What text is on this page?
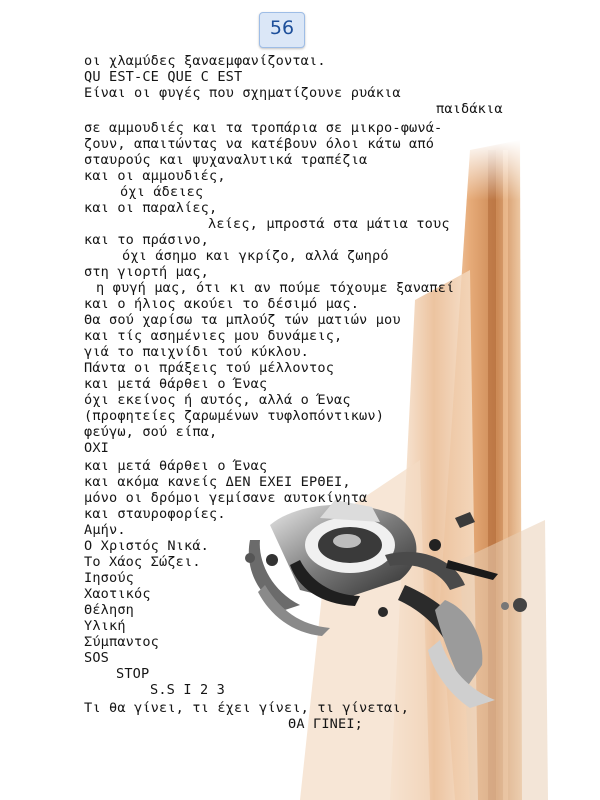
56

οι χλαμύδες ξαναεμφανίζονται.

QU EST-CE QUE C EST

Είναι οι φυγές που σχηματίζουνε ρυάκια

παιδάκια

σε αμμουδιές και τα τροπάρια σε μικρο-φωνά-

ζουν, απαιτώντας να κατέβουν όλοι κάτω από

σταυρούς και ψυχαναλυτικά τραπέζια

και οι αμμουδιές,

όχι άδειες

και οι παραλίες,

λείες, μπροστά στα μάτια τους

και το πράσινο,

όχι άσημο και γκρίζο, αλλά ζωηρό

στη γιορτή μας,

η φυγή μας, ότι κι αν πούμε τόχουμε ξαναπεί

και ο ήλιος ακούει το δέσιμό μας.

Θα σού χαρίσω τα μπλούζ τών ματιών μου

και τίς ασημένιες μου δυνάμεις,

γιά το παιχνίδι τού κύκλου.

Πάντα οι πράξεις τού μέλλοντος

και μετά θάρθει ο Ένας

όχι εκείνος ή αυτός, αλλά ο Ένας

(προφητείες ζαρωμένων τυφλοπόντικων)

φεύγω, σού είπα,

ΟΧΙ

και μετά θάρθει ο Ένας

και ακόμα κανείς ΔΕΝ ΕΧΕΙ ΕΡΘΕΙ,

μόνο οι δρόμοι γεμίσανε αυτοκίνητα

και σταυροφορίες.

Αμήν.

Ο Χριστός Νικά.

Το Χάος Σώζει.

Ιησούς

Χαοτικός

Θέληση

Υλική

Σύμπαντος

SOS

STOP

S.S I 2 3

Τι θα γίνει, τι έχει γίνει, τι γίνεται,

ΘΑ ΓΙΝΕΙ;
